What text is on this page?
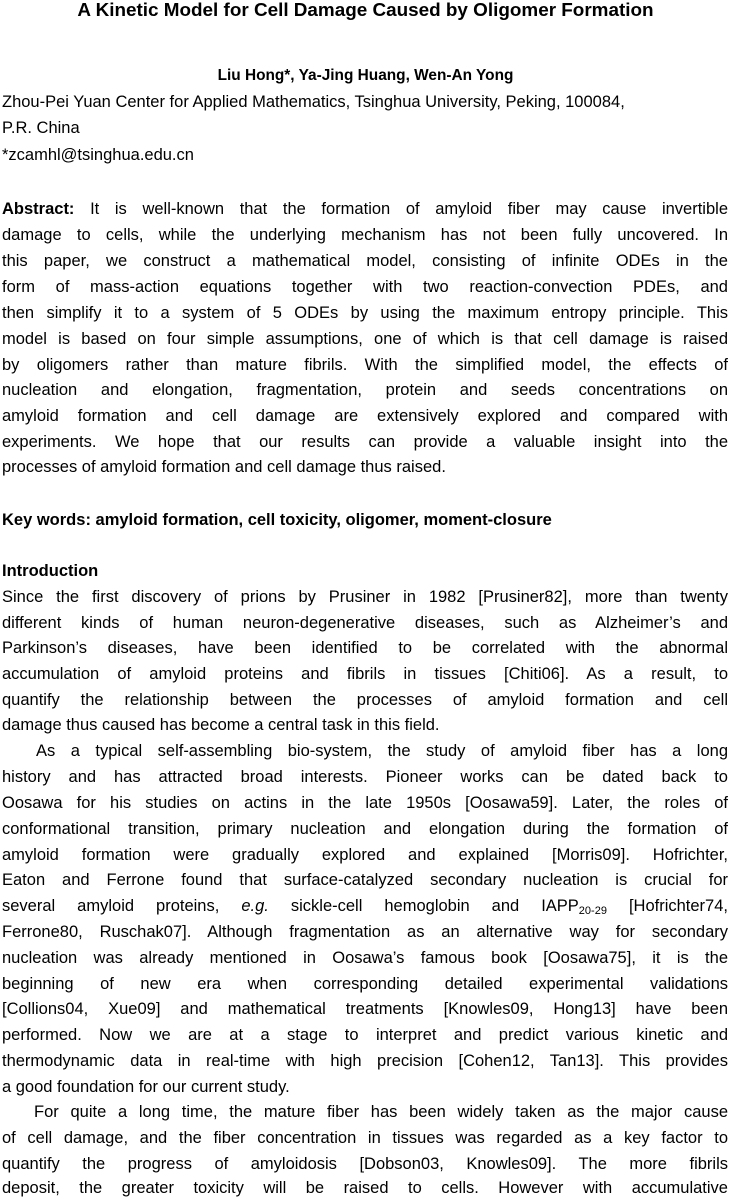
A Kinetic Model for Cell Damage Caused by Oligomer Formation
Liu Hong*, Ya-Jing Huang, Wen-An Yong
Zhou-Pei Yuan Center for Applied Mathematics, Tsinghua University, Peking, 100084,
P.R. China
*zcamhl@tsinghua.edu.cn
Abstract: It is well-known that the formation of amyloid fiber may cause invertible
damage to cells, while the underlying mechanism has not been fully uncovered. In
this paper, we construct a mathematical model, consisting of infinite ODEs in the
form of mass-action equations together with two reaction-convection PDEs, and
then simplify it to a system of 5 ODEs by using the maximum entropy principle. This
model is based on four simple assumptions, one of which is that cell damage is raised
by oligomers rather than mature fibrils. With the simplified model, the effects of
nucleation and elongation, fragmentation, protein and seeds concentrations on
amyloid formation and cell damage are extensively explored and compared with
experiments. We hope that our results can provide a valuable insight into the
processes of amyloid formation and cell damage thus raised.
Key words: amyloid formation, cell toxicity, oligomer, moment-closure
Introduction
Since the first discovery of prions by Prusiner in 1982 [Prusiner82], more than twenty
different kinds of human neuron-degenerative diseases, such as Alzheimer’s and
Parkinson’s diseases, have been identified to be correlated with the abnormal
accumulation of amyloid proteins and fibrils in tissues [Chiti06]. As a result, to
quantify the relationship between the processes of amyloid formation and cell
damage thus caused has become a central task in this field.
As a typical self-assembling bio-system, the study of amyloid fiber has a long
history and has attracted broad interests. Pioneer works can be dated back to
Oosawa for his studies on actins in the late 1950s [Oosawa59]. Later, the roles of
conformational transition, primary nucleation and elongation during the formation of
amyloid formation were gradually explored and explained [Morris09]. Hofrichter,
Eaton and Ferrone found that surface-catalyzed secondary nucleation is crucial for
several amyloid proteins, e.g. sickle-cell hemoglobin and $IAPP_{20-29}$ [Hofrichter74,
Ferrone80, Ruschak07]. Although fragmentation as an alternative way for secondary
nucleation was already mentioned in Oosawa’s famous book [Oosawa75], it is the
beginning of new era when corresponding detailed experimental validations
[Collions04, Xue09] and mathematical treatments [Knowles09, Hong13] have been
performed. Now we are at a stage to interpret and predict various kinetic and
thermodynamic data in real-time with high precision [Cohen12, Tan13]. This provides
a good foundation for our current study.
For quite a long time, the mature fiber has been widely taken as the major cause
of cell damage, and the fiber concentration in tissues was regarded as a key factor to
quantify the progress of amyloidosis [Dobson03, Knowles09]. The more fibrils
deposit, the greater toxicity will be raised to cells. However with accumulative
